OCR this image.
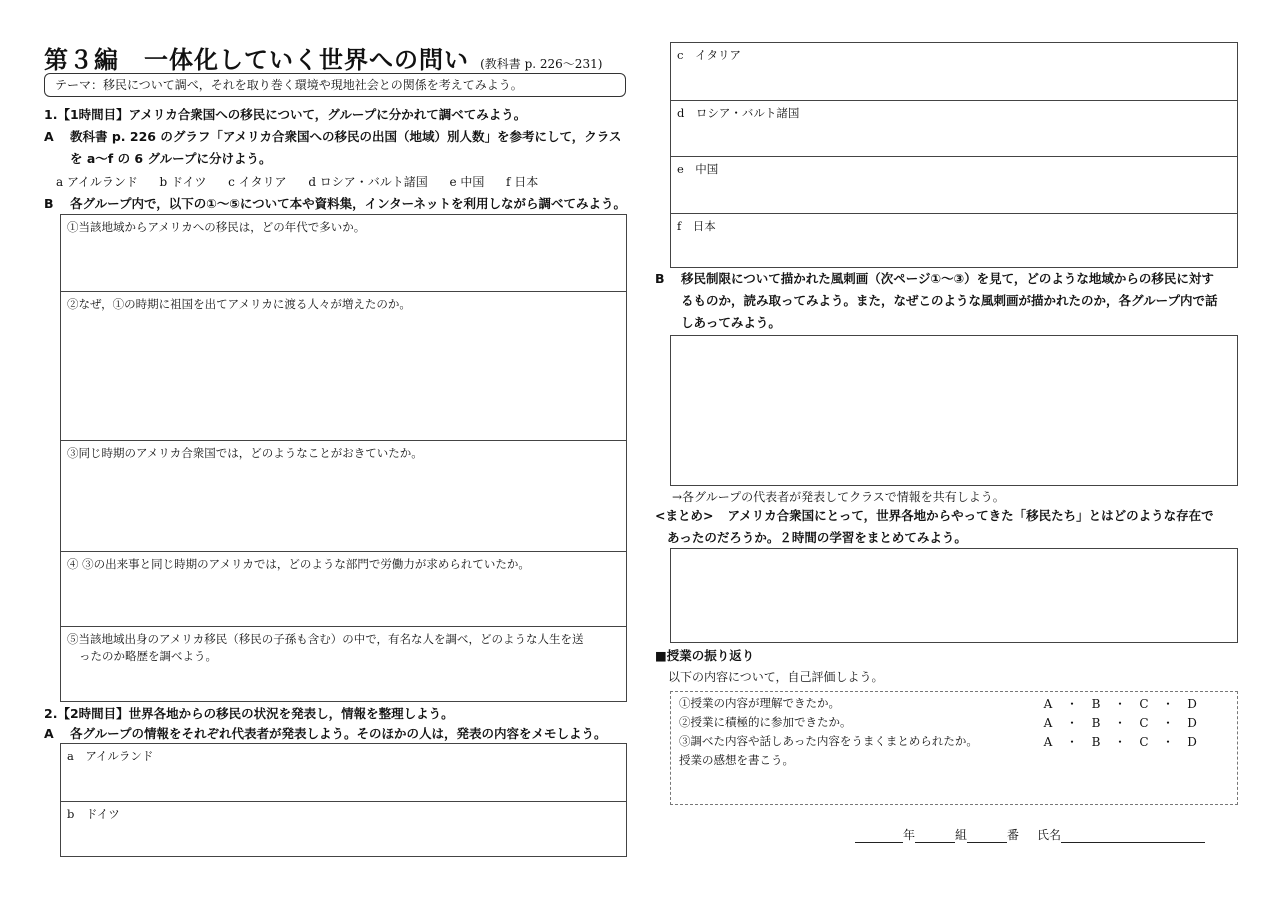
第３編　一体化していく世界への問い (教科書 p. 226〜231)
テーマ：移民について調べ，それを取り巻く環境や現地社会との関係を考えてみよう。
1.【1時間目】アメリカ合衆国への移民について，グループに分かれて調べてみよう。
A 教科書 p. 226 のグラフ「アメリカ合衆国への移民の出国（地域）別人数」を参考にして，クラス
を a〜f の 6 グループに分けよう。
a アイルランド b ドイツ c イタリア d ロシア・バルト諸国 e 中国 f 日本
B 各グループ内で，以下の①〜⑤について本や資料集，インターネットを利用しながら調べてみよう。
①当該地域からアメリカへの移民は，どの年代で多いか。
②なぜ，①の時期に祖国を出てアメリカに渡る人々が増えたのか。
③同じ時期のアメリカ合衆国では，どのようなことがおきていたか。
④ ③の出来事と同じ時期のアメリカでは，どのような部門で労働力が求められていたか。
⑤当該地域出身のアメリカ移民（移民の子孫も含む）の中で，有名な人を調べ，どのような人生を送
ったのか略歴を調べよう。
2.【2時間目】世界各地からの移民の状況を発表し，情報を整理しよう。
A 各グループの情報をそれぞれ代表者が発表しよう。そのほかの人は，発表の内容をメモしよう。
a　アイルランド
b　ドイツ
c　イタリア
d　ロシア・バルト諸国
e　中国
f　日本
B 移民制限について描かれた風刺画（次ページ①〜③）を見て，どのような地域からの移民に対す
るものか，読み取ってみよう。また，なぜこのような風刺画が描かれたのか，各グループ内で話
しあってみよう。
→各グループの代表者が発表してクラスで情報を共有しよう。
<まとめ> アメリカ合衆国にとって，世界各地からやってきた「移民たち」とはどのような存在で
あったのだろうか。２時間の学習をまとめてみよう。
■授業の振り返り
以下の内容について，自己評価しよう。
①授業の内容が理解できたか。
②授業に積極的に参加できたか。
③調べた内容や話しあった内容をうまくまとめられたか。
A ・ B ・ C ・ D
A ・ B ・ C ・ D
A ・ B ・ C ・ D
授業の感想を書こう。
年	組	番 氏名
